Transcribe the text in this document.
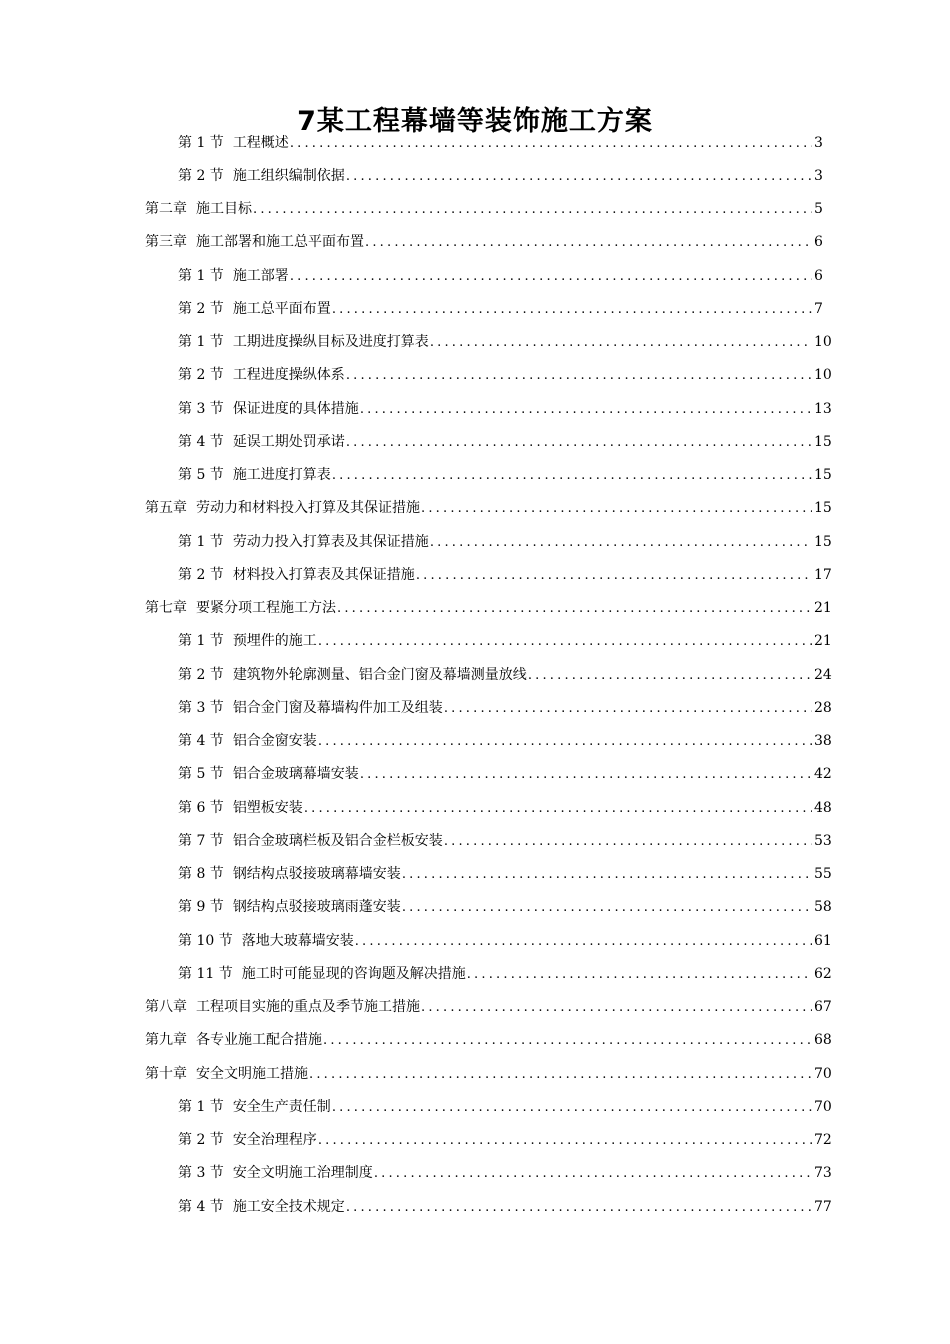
7某工程幕墙等装饰施工方案
第 1 节 工程概述 .....	3
第 2 节 施工组织编制依据 .....	3
第二章 施工目标 .....	5
第三章 施工部署和施工总平面布置 .....	6
第 1 节 施工部署 .....	6
第 2 节 施工总平面布置 .....	7
第 1 节 工期进度操纵目标及进度打算表 .....	10
第 2 节 工程进度操纵体系 .....	10
第 3 节 保证进度的具体措施 .....	13
第 4 节 延误工期处罚承诺 .....	15
第 5 节 施工进度打算表 .....	15
第五章 劳动力和材料投入打算及其保证措施 .....	15
第 1 节 劳动力投入打算表及其保证措施 .....	15
第 2 节 材料投入打算表及其保证措施 .....	17
第七章 要紧分项工程施工方法 .....	21
第 1 节 预埋件的施工 .....	21
第 2 节 建筑物外轮廓测量、铝合金门窗及幕墙测量放线 .....	24
第 3 节 铝合金门窗及幕墙构件加工及组装 .....	28
第 4 节 铝合金窗安装 .....	38
第 5 节 铝合金玻璃幕墙安装 .....	42
第 6 节 铝塑板安装 .....	48
第 7 节 铝合金玻璃栏板及铝合金栏板安装 .....	53
第 8 节 钢结构点驳接玻璃幕墙安装 .....	55
第 9 节 钢结构点驳接玻璃雨蓬安装 .....	58
第 10 节 落地大玻幕墙安装 .....	61
第 11 节 施工时可能显现的咨询题及解决措施 .....	62
第八章 工程项目实施的重点及季节施工措施 .....	67
第九章 各专业施工配合措施 .....	68
第十章 安全文明施工措施 .....	70
第 1 节 安全生产责任制 .....	70
第 2 节 安全治理程序 .....	72
第 3 节 安全文明施工治理制度 .....	73
第 4 节 施工安全技术规定 .....	77
